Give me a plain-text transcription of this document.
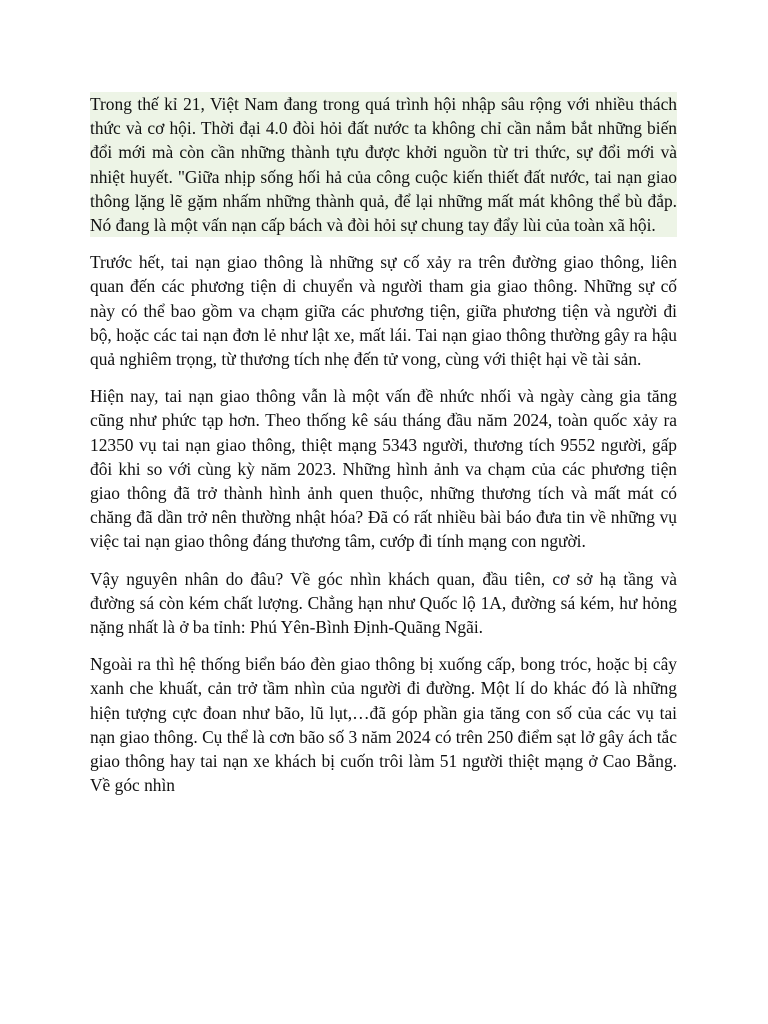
Trong thế kỉ 21, Việt Nam đang trong quá trình hội nhập sâu rộng với nhiều thách thức và cơ hội. Thời đại 4.0 đòi hỏi đất nước ta không chỉ cần nắm bắt những biến đổi mới mà còn cần những thành tựu được khởi nguồn từ tri thức, sự đổi mới và nhiệt huyết. "Giữa nhịp sống hối hả của công cuộc kiến thiết đất nước, tai nạn giao thông lặng lẽ gặm nhấm những thành quả, để lại những mất mát không thể bù đắp. Nó đang là một vấn nạn cấp bách và đòi hỏi sự chung tay đẩy lùi của toàn xã hội.

Trước hết, tai nạn giao thông là những sự cố xảy ra trên đường giao thông, liên quan đến các phương tiện di chuyển và người tham gia giao thông. Những sự cố này có thể bao gồm va chạm giữa các phương tiện, giữa phương tiện và người đi bộ, hoặc các tai nạn đơn lẻ như lật xe, mất lái. Tai nạn giao thông thường gây ra hậu quả nghiêm trọng, từ thương tích nhẹ đến tử vong, cùng với thiệt hại về tài sản.

Hiện nay, tai nạn giao thông vẫn là một vấn đề nhức nhối và ngày càng gia tăng cũng như phức tạp hơn. Theo thống kê sáu tháng đầu năm 2024, toàn quốc xảy ra 12350 vụ tai nạn giao thông, thiệt mạng 5343 người, thương tích 9552 người, gấp đôi khi so với cùng kỳ năm 2023. Những hình ảnh va chạm của các phương tiện giao thông đã trở thành hình ảnh quen thuộc, những thương tích và mất mát có chăng đã dần trở nên thường nhật hóa? Đã có rất nhiều bài báo đưa tin về những vụ việc tai nạn giao thông đáng thương tâm, cướp đi tính mạng con người.

Vậy nguyên nhân do đâu? Về góc nhìn khách quan, đầu tiên, cơ sở hạ tầng và đường sá còn kém chất lượng. Chẳng hạn như Quốc lộ 1A, đường sá kém, hư hỏng nặng nhất là ở ba tỉnh: Phú Yên-Bình Định-Quãng Ngãi.

Ngoài ra thì hệ thống biển báo đèn giao thông bị xuống cấp, bong tróc, hoặc bị cây xanh che khuất, cản trở tầm nhìn của người đi đường. Một lí do khác đó là những hiện tượng cực đoan như bão, lũ lụt,…đã góp phần gia tăng con số của các vụ tai nạn giao thông. Cụ thể là cơn bão số 3 năm 2024 có trên 250 điểm sạt lở gây ách tắc giao thông hay tai nạn xe khách bị cuốn trôi làm 51 người thiệt mạng ở Cao Bằng. Về góc nhìn
